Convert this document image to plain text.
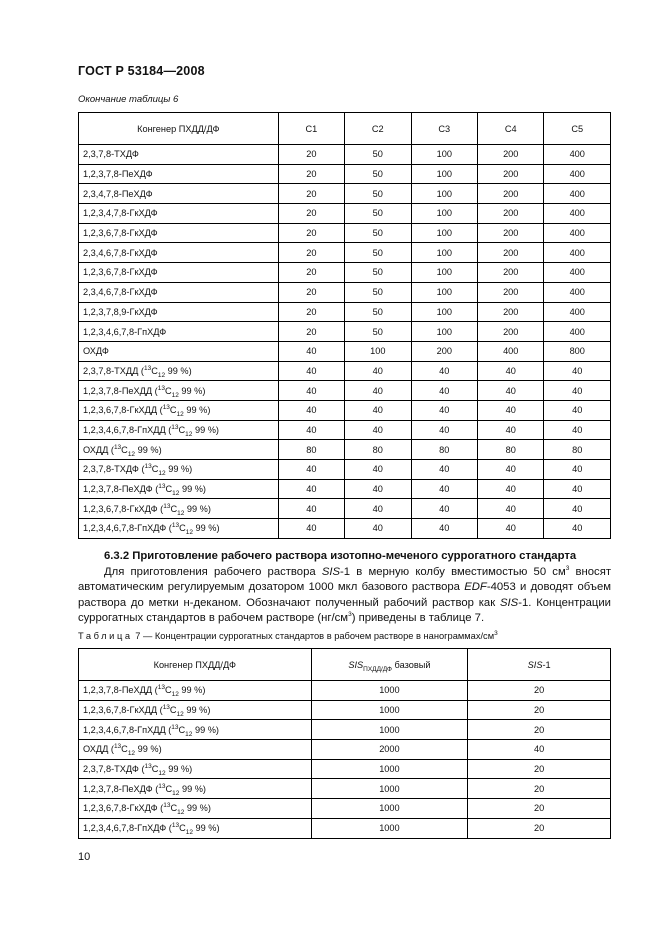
ГОСТ Р 53184—2008
Окончание таблицы 6
Конгенер ПХДД/ДФ	C1	C2	C3	C4	C5
2,3,7,8-ТХДФ	20	50	100	200	400
1,2,3,7,8-ПеХДФ	20	50	100	200	400
2,3,4,7,8-ПеХДФ	20	50	100	200	400
1,2,3,4,7,8-ГкХДФ	20	50	100	200	400
1,2,3,6,7,8-ГкХДФ	20	50	100	200	400
2,3,4,6,7,8-ГкХДФ	20	50	100	200	400
1,2,3,6,7,8-ГкХДФ	20	50	100	200	400
2,3,4,6,7,8-ГкХДФ	20	50	100	200	400
1,2,3,7,8,9-ГкХДФ	20	50	100	200	400
1,2,3,4,6,7,8-ГпХДФ	20	50	100	200	400
ОХДФ	40	100	200	400	800
2,3,7,8-ТХДД ($^{13}C_{12}$ 99 %)	40	40	40	40	40
1,2,3,7,8-ПеХДД ($^{13}C_{12}$ 99 %)	40	40	40	40	40
1,2,3,6,7,8-ГкХДД ($^{13}C_{12}$ 99 %)	40	40	40	40	40
1,2,3,4,6,7,8-ГпХДД ($^{13}C_{12}$ 99 %)	40	40	40	40	40
ОХДД ($^{13}C_{12}$ 99 %)	80	80	80	80	80
2,3,7,8-ТХДФ ($^{13}C_{12}$ 99 %)	40	40	40	40	40
1,2,3,7,8-ПеХДФ ($^{13}C_{12}$ 99 %)	40	40	40	40	40
1,2,3,6,7,8-ГкХДФ ($^{13}C_{12}$ 99 %)	40	40	40	40	40
1,2,3,4,6,7,8-ГпХДФ ($^{13}C_{12}$ 99 %)	40	40	40	40	40
6.3.2 Приготовление рабочего раствора изотопно-меченого суррогатного стандарта
Для приготовления рабочего раствора SIS-1 в мерную колбу вместимостью 50 $см^3$ вносят автоматическим регулируемым дозатором 1000 мкл базового раствора EDF-4053 и доводят объем раствора до метки н-деканом. Обозначают полученный рабочий раствор как SIS-1. Концентрации суррогатных стандартов в рабочем растворе $(нг/см^3)$ приведены в таблице 7.
Таблица 7 — Концентрации суррогатных стандартов в рабочем растворе в нанограммах/$см^3$
Конгенер ПХДД/ДФ	$SIS_{ПХДД/ДФ}$ базовый	SIS-1
1,2,3,7,8-ПеХДД ($^{13}C_{12}$ 99 %)	1000	20
1,2,3,6,7,8-ГкХДД ($^{13}C_{12}$ 99 %)	1000	20
1,2,3,4,6,7,8-ГпХДД ($^{13}C_{12}$ 99 %)	1000	20
ОХДД ($^{13}C_{12}$ 99 %)	2000	40
2,3,7,8-ТХДФ ($^{13}C_{12}$ 99 %)	1000	20
1,2,3,7,8-ПеХДФ ($^{13}C_{12}$ 99 %)	1000	20
1,2,3,6,7,8-ГкХДФ ($^{13}C_{12}$ 99 %)	1000	20
1,2,3,4,6,7,8-ГпХДФ ($^{13}C_{12}$ 99 %)	1000	20
10
